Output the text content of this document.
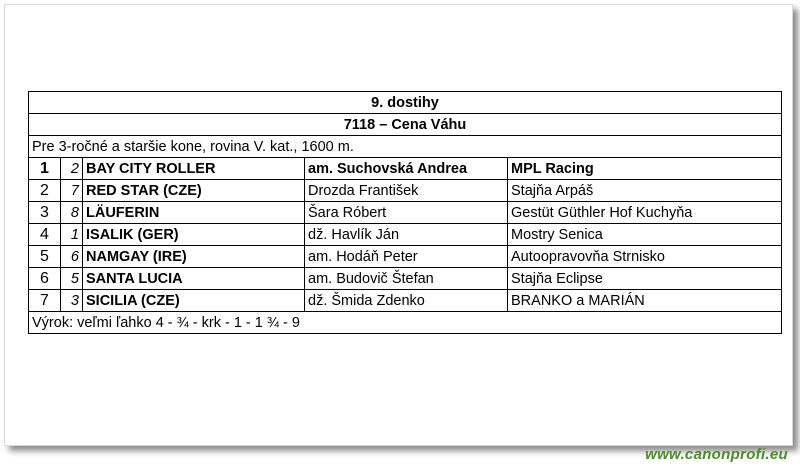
9. dostihy				
7118 – Cena Váhu				
Pre 3-ročné a staršie kone, rovina V. kat., 1600 m.				
1	2	BAY CITY ROLLER	am. Suchovská Andrea	MPL Racing
2	7	RED STAR (CZE)	Drozda František	Stajňa Arpáš
3	8	LÄUFERIN	Šara Róbert	Gestüt Güthler Hof Kuchyňa
4	1	ISALIK (GER)	dž. Havlík Ján	Mostry Senica
5	6	NAMGAY (IRE)	am. Hodáň Peter	Autoopravovňa Strnisko
6	5	SANTA LUCIA	am. Budovič Štefan	Stajňa Eclipse
7	3	SICILIA (CZE)	dž. Šmida Zdenko	BRANKO a MARIÁN
Výrok: veľmi ľahko 4 - ¾ - krk - 1 - 1 ¾ - 9				
www.canonprofi.eu
